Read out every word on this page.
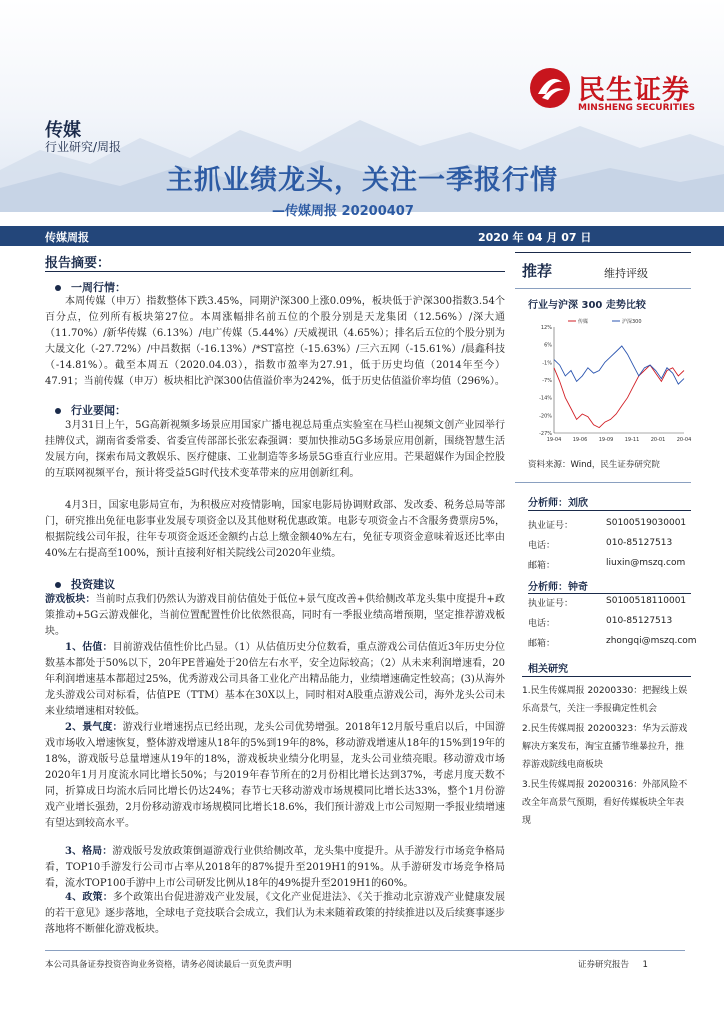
民生证券
MINSHENG SECURITIES
传媒
行业研究/周报
主抓业绩龙头，关注一季报行情
—传媒周报 20200407
传媒周报	2020 年 04 月 07 日
报告摘要：
一周行情：
本周传媒（申万）指数整体下跌3.45%，同期沪深300上涨0.09%，板块低于沪深300指数3.54个百分点，位列所有板块第27位。本周涨幅排名前五位的个股分别是天龙集团（12.56%）/深大通（11.70%）/新华传媒（6.13%）/电广传媒（5.44%）/天威视讯（4.65%）；排名后五位的个股分别为大晟文化（-27.72%）/中昌数据（-16.13%）/*ST富控（-15.63%）/三六五网（-15.61%）/晨鑫科技（-14.81%）。截至本周五（2020.04.03），指数市盈率为27.91，低于历史均值（2014年至今）47.91；当前传媒（申万）板块相比沪深300估值溢价率为242%，低于历史估值溢价率均值（296%）。
行业要闻：
3月31日上午，5G高新视频多场景应用国家广播电视总局重点实验室在马栏山视频文创产业园举行挂牌仪式，湖南省委常委、省委宣传部部长张宏森强调：要加快推动5G多场景应用创新，围绕智慧生活发展方向，探索布局文教娱乐、医疗健康、工业制造等多场景5G垂直行业应用。芒果超媒作为国企控股的互联网视频平台，预计将受益5G时代技术变革带来的应用创新红利。
4月3日，国家电影局宣布，为积极应对疫情影响，国家电影局协调财政部、发改委、税务总局等部门，研究推出免征电影事业发展专项资金以及其他财税优惠政策。电影专项资金占不含服务费票房5%，根据院线公司年报，往年专项资金返还金额约占总上缴金额40%左右，免征专项资金意味着返还比率由40%左右提高至100%，预计直接利好相关院线公司2020年业绩。
投资建议
游戏板块：当前时点我们仍然认为游戏目前估值处于低位+景气度改善+供给侧改革龙头集中度提升+政策推动+5G云游戏催化，当前位置配置性价比依然很高，同时有一季报业绩高增预期，坚定推荐游戏板块。
1、估值：目前游戏估值性价比凸显。（1）从估值历史分位数看，重点游戏公司估值近3年历史分位数基本都处于50%以下，20年PE普遍处于20倍左右水平，安全边际较高；（2）从未来利润增速看，20年利润增速基本都超过25%，优秀游戏公司具备工业化产出精品能力，业绩增速确定性较高；(3)从海外龙头游戏公司对标看，估值PE（TTM）基本在30X以上，同时相对A股重点游戏公司，海外龙头公司未来业绩增速相对较低。
2、景气度：游戏行业增速拐点已经出现，龙头公司优势增强。2018年12月版号重启以后，中国游戏市场收入增速恢复，整体游戏增速从18年的5%到19年的8%，移动游戏增速从18年的15%到19年的18%，游戏版号总量增速从19年的18%，游戏板块业绩分化明显，龙头公司业绩亮眼。移动游戏市场2020年1月月度流水同比增长50%；与2019年春节所在的2月份相比增长达到37%，考虑月度天数不同，折算成日均流水后同比增长仍达24%；春节七天移动游戏市场规模同比增长达33%，整个1月份游戏产业增长强劲，2月份移动游戏市场规模同比增长18.6%，我们预计游戏上市公司短期一季报业绩增速有望达到较高水平。
3、格局：游戏版号发放政策倒逼游戏行业供给侧改革，龙头集中度提升。从手游发行市场竞争格局看，TOP10手游发行公司市占率从2018年的87%提升至2019H1的91%。从手游研发市场竞争格局看，流水TOP100手游中上市公司研发比例从18年的49%提升至2019H1的60%。
4、政策：多个政策出台促进游戏产业发展，《文化产业促进法》、《关于推动北京游戏产业健康发展的若干意见》逐步落地，全球电子竞技联合会成立，我们认为未来随着政策的持续推进以及后续赛事逐步落地将不断催化游戏板块。
推荐	维持评级
行业与沪深 300 走势比较
12%
6%
-1%
-7%
-14%
-20%
-27%
19-04 19-06 19-09 19-11 20-01 20-04
传媒	沪深300
资料来源：Wind，民生证券研究院
分析师：刘欣
执业证号：	S0100519030001
电话：	010-85127513
邮箱：	liuxin@mszq.com
分析师：钟奇
执业证号：	S0100518110001
电话：	010-85127513
邮箱：	zhongqi@mszq.com
相关研究
1.民生传媒周报 20200330：把握线上娱乐高景气，关注一季报确定性机会
2.民生传媒周报 20200323：华为云游戏解决方案发布，淘宝直播节维暴拉升，推荐游戏院线电商板块
3.民生传媒周报 20200316：外部风险不改全年高景气预期，看好传媒板块全年表现
本公司具备证券投资咨询业务资格，请务必阅读最后一页免责声明	证券研究报告 1
